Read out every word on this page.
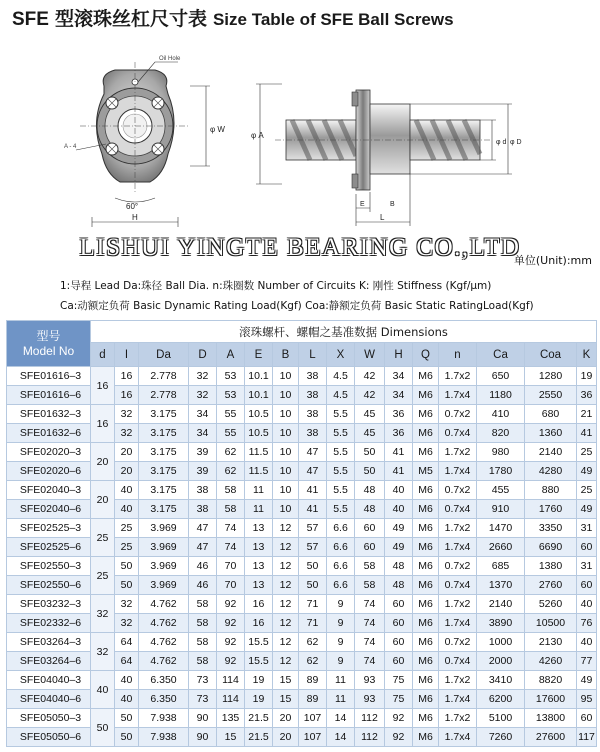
SFE 型滚珠丝杠尺寸表 Size Table of SFE Ball Screws
Oil Hole
A - 4
60°
H
φ W
φ A
φ d φ D
L
E	B
LISHUI YINGTE BEARING CO.,LTD
单位(Unit):mm
1:导程 Lead Da:珠径 Ball Dia. n:珠圈数 Number of Circuits K: 刚性 Stiffness (Kgf/μm)
Ca:动额定负荷 Basic Dynamic Rating Load(Kgf) Coa:静额定负荷 Basic Static RatingLoad(Kgf)
型号
Model No	滚珠螺杆、螺帽之基准数据 Dimensions															
	d	I	Da	D	A	E	B	L	X	W	H	Q	n	Ca	Coa	K
SFE01616–3	16	16	2.778	32	53	10.1	10	38	4.5	42	34	M6	1.7x2	650	1280	19
SFE01616–6		16	2.778	32	53	10.1	10	38	4.5	42	34	M6	1.7x4	1180	2550	36
SFE01632–3	16	32	3.175	34	55	10.5	10	38	5.5	45	36	M6	0.7x2	410	680	21
SFE01632–6		32	3.175	34	55	10.5	10	38	5.5	45	36	M6	0.7x4	820	1360	41
SFE02020–3	20	20	3.175	39	62	11.5	10	47	5.5	50	41	M6	1.7x2	980	2140	25
SFE02020–6		20	3.175	39	62	11.5	10	47	5.5	50	41	M5	1.7x4	1780	4280	49
SFE02040–3	20	40	3.175	38	58	11	10	41	5.5	48	40	M6	0.7x2	455	880	25
SFE02040–6		40	3.175	38	58	11	10	41	5.5	48	40	M6	0.7x4	910	1760	49
SFE02525–3	25	25	3.969	47	74	13	12	57	6.6	60	49	M6	1.7x2	1470	3350	31
SFE02525–6		25	3.969	47	74	13	12	57	6.6	60	49	M6	1.7x4	2660	6690	60
SFE02550–3	25	50	3.969	46	70	13	12	50	6.6	58	48	M6	0.7x2	685	1380	31
SFE02550–6		50	3.969	46	70	13	12	50	6.6	58	48	M6	0.7x4	1370	2760	60
SFE03232–3	32	32	4.762	58	92	16	12	71	9	74	60	M6	1.7x2	2140	5260	40
SFE02332–6		32	4.762	58	92	16	12	71	9	74	60	M6	1.7x4	3890	10500	76
SFE03264–3	32	64	4.762	58	92	15.5	12	62	9	74	60	M6	0.7x2	1000	2130	40
SFE03264–6		64	4.762	58	92	15.5	12	62	9	74	60	M6	0.7x4	2000	4260	77
SFE04040–3	40	40	6.350	73	114	19	15	89	11	93	75	M6	1.7x2	3410	8820	49
SFE04040–6		40	6.350	73	114	19	15	89	11	93	75	M6	1.7x4	6200	17600	95
SFE05050–3	50	50	7.938	90	135	21.5	20	107	14	112	92	M6	1.7x2	5100	13800	60
SFE05050–6		50	7.938	90	15	21.5	20	107	14	112	92	M6	1.7x4	7260	27600	117
